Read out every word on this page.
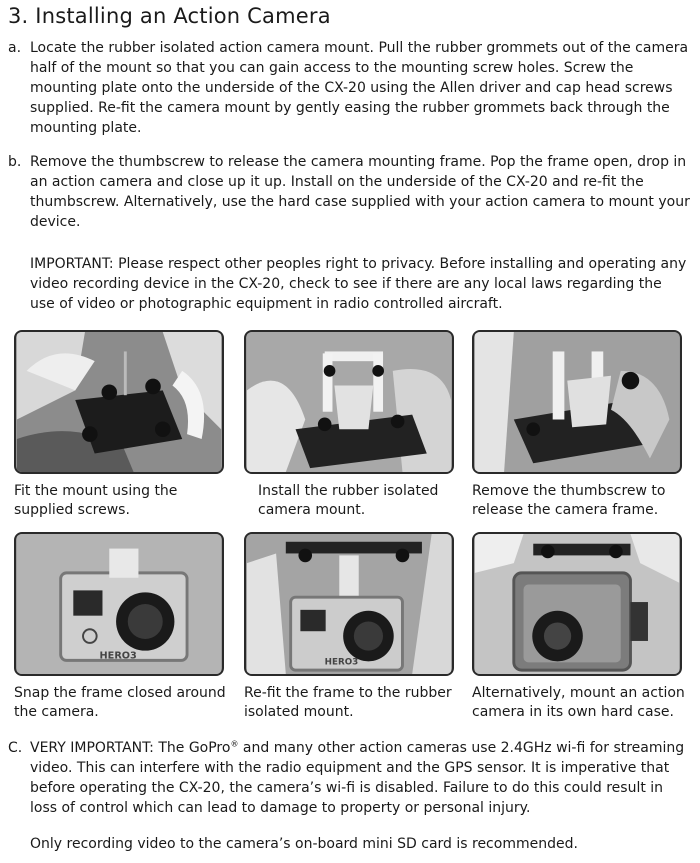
3. Installing an Action Camera
a. Locate the rubber isolated action camera mount. Pull the rubber grommets out of the camera half of the mount so that you can gain access to the mounting screw holes. Screw the mounting plate onto the underside of the CX-20 using the Allen driver and cap head screws supplied. Re-fit the camera mount by gently easing the rubber grommets back through the mounting plate.
b. Remove the thumbscrew to release the camera mounting frame. Pop the frame open, drop in an action camera and close up it up. Install on the underside of the CX-20 and re-fit the thumbscrew. Alternatively, use the hard case supplied with your action camera to mount your device.
IMPORTANT: Please respect other peoples right to privacy. Before installing and operating any video recording device in the CX-20, check to see if there are any local laws regarding the use of video or photographic equipment in radio controlled aircraft.
Fit the mount using the supplied screws.
Install the rubber isolated camera mount.
Remove the thumbscrew to release the camera frame.
HERO3
HERO3
Snap the frame closed around the camera.
Re-fit the frame to the rubber isolated mount.
Alternatively, mount an action camera in its own hard case.
C. VERY IMPORTANT: The GoPro® and many other action cameras use 2.4GHz wi-fi for streaming video. This can interfere with the radio equipment and the GPS sensor. It is imperative that before operating the CX-20, the camera’s wi-fi is disabled. Failure to do this could result in loss of control which can lead to damage to property or personal injury.
Only recording video to the camera’s on-board mini SD card is recommended.
